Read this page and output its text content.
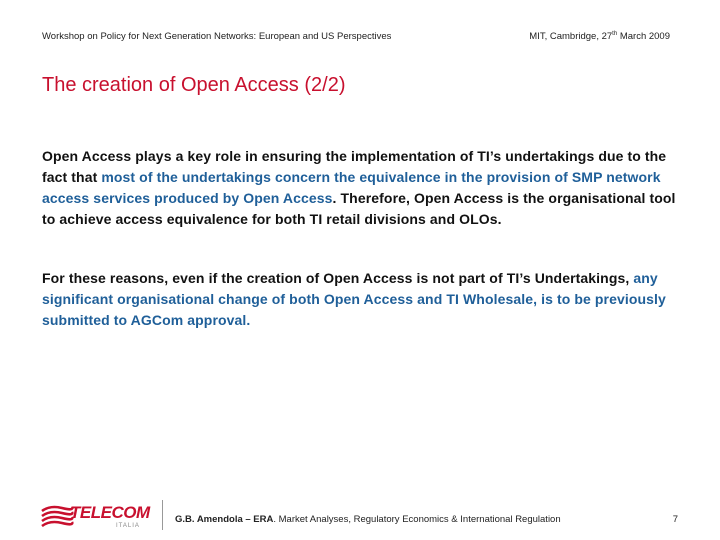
Workshop on Policy for Next Generation Networks: European and US Perspectives	MIT, Cambridge, 27th March 2009
The creation of Open Access (2/2)
Open Access plays a key role in ensuring the implementation of TI’s undertakings due to the fact that most of the undertakings concern the equivalence in the provision of SMP network access services produced by Open Access. Therefore, Open Access is the organisational tool to achieve access equivalence for both TI retail divisions and OLOs.
For these reasons, even if the creation of Open Access is not part of TI’s Undertakings, any significant organisational change of both Open Access and TI Wholesale, is to be previously submitted to AGCom approval.
TELECOM
ITALIA
G.B. Amendola – ERA. Market Analyses, Regulatory Economics & International Regulation	7
